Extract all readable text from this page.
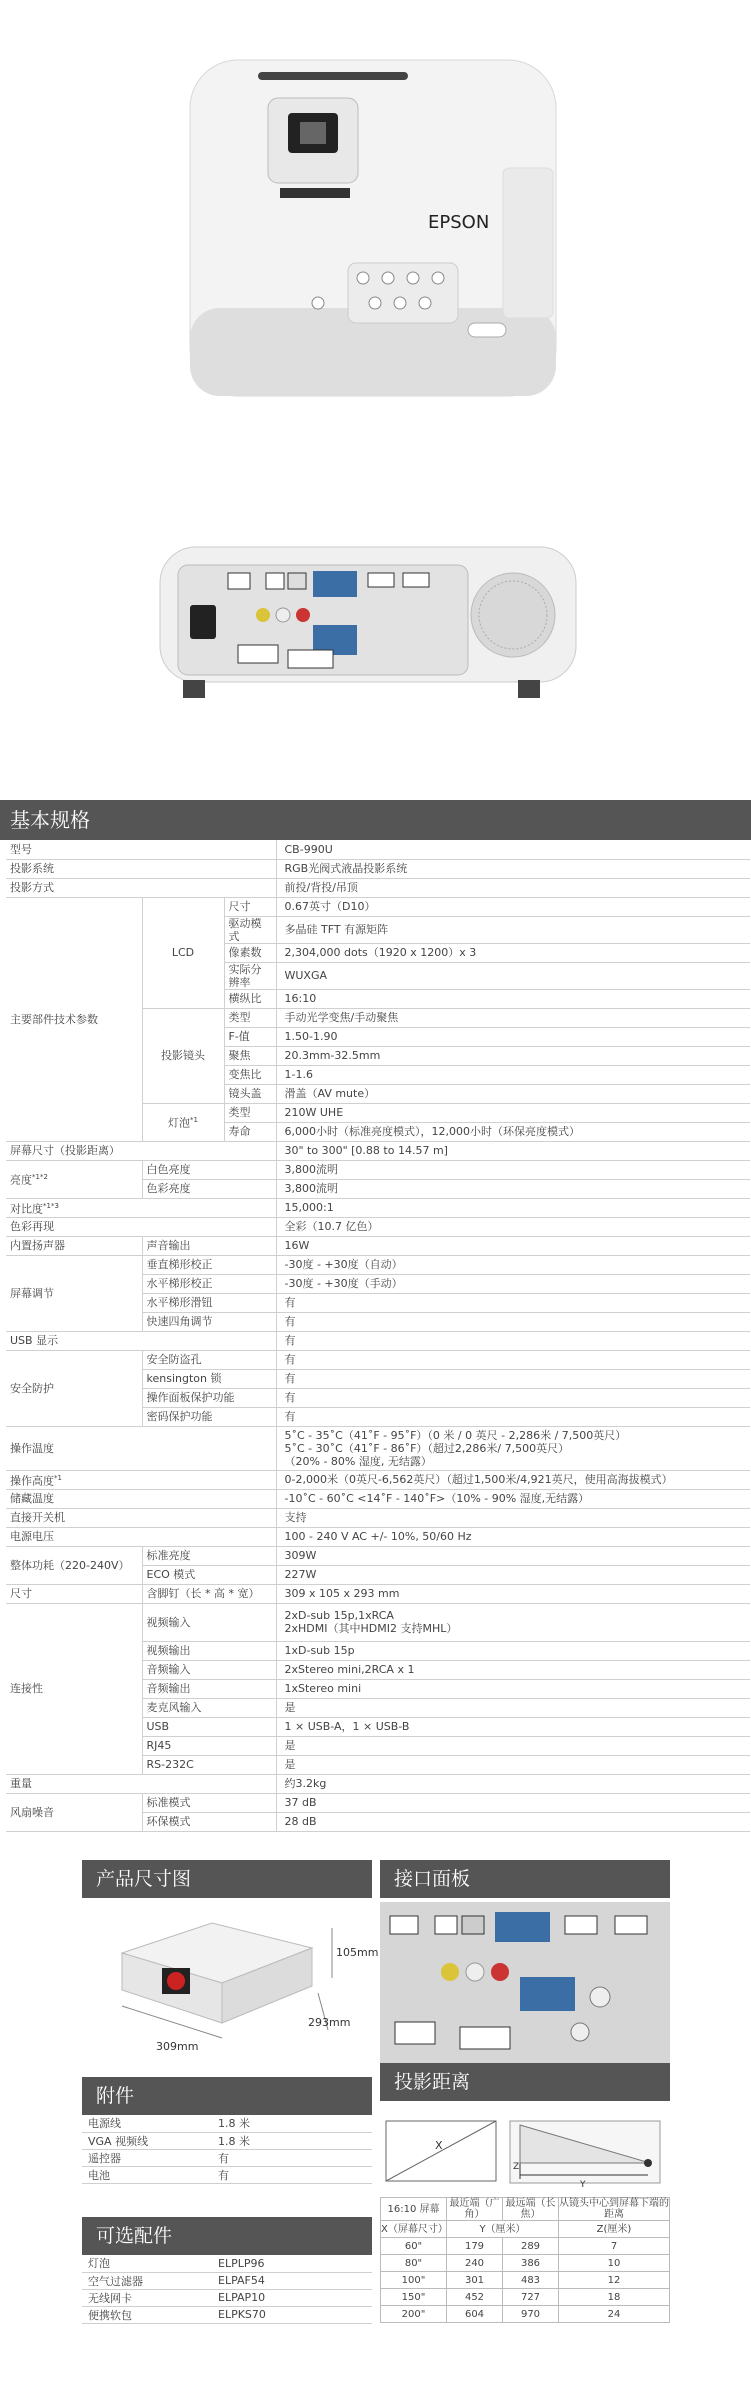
EPSON
基本规格
型号			CB-990U
投影系统			RGB光阀式液晶投影系统
投影方式			前投/背投/吊顶
主要部件技术参数	LCD	尺寸	0.67英寸（D10）
		驱动模式	多晶硅 TFT 有源矩阵
		像素数	2,304,000 dots（1920 x 1200）x 3
		实际分辨率	WUXGA
		横纵比	16:10
	投影镜头	类型	手动光学变焦/手动聚焦
		F-值	1.50-1.90
		聚焦	20.3mm-32.5mm
		变焦比	1-1.6
		镜头盖	滑盖（AV mute）
	灯泡$^{*1}$	类型	210W UHE
		寿命	6,000小时（标准亮度模式），12,000小时（环保亮度模式）
屏幕尺寸（投影距离）			30" to 300" [0.88 to 14.57 m]
亮度$^{*1*2}$	白色亮度		3,800流明
	色彩亮度		3,800流明
对比度$^{*1*3}$			15,000:1
色彩再现			全彩（10.7 亿色）
内置扬声器	声音输出		16W
屏幕调节	垂直梯形校正		-30度 - +30度（自动）
	水平梯形校正		-30度 - +30度（手动）
	水平梯形滑钮		有
	快速四角调节		有
USB 显示			有
安全防护	安全防盗孔		有
	kensington 锁		有
	操作面板保护功能		有
	密码保护功能		有
操作温度			5˚C - 35˚C（41˚F - 95˚F）（0 米 / 0 英尺 - 2,286米 / 7,500英尺）
5˚C - 30˚C（41˚F - 86˚F）（超过2,286米/ 7,500英尺）
（20% - 80% 湿度, 无结露）

操作高度$^{*1}$			0-2,000米（0英尺-6,562英尺）（超过1,500米/4,921英尺，使用高海拔模式）
储藏温度			-10˚C - 60˚C <14˚F - 140˚F>（10% - 90% 湿度,无结露）
直接开关机			支持
电源电压			100 - 240 V AC +/- 10%, 50/60 Hz
整体功耗（220-240V）	标准亮度		309W
	ECO 模式		227W
尺寸	含脚钉（长 * 高 * 宽）		309 x 105 x 293 mm
连接性	视频输入		2xD-sub 15p,1xRCA
2xHDMI（其中HDMI2 支持MHL）

	视频输出		1xD-sub 15p
	音频输入		2xStereo mini,2RCA x 1
	音频输出		1xStereo mini
	麦克风输入		是
	USB		1 × USB-A，1 × USB-B
	RJ45		是
	RS-232C		是
重量			约3.2kg
风扇噪音	标准模式		37 dB
	环保模式		28 dB
产品尺寸图
105mm
293mm
309mm
接口面板
附件
电源线	1.8 米
VGA 视频线	1.8 米
遥控器	有
电池	有
可选配件
灯泡	ELPLP96
空气过滤器	ELPAF54
无线网卡	ELPAP10
便携软包	ELPKS70
投影距离
X
Y
Z
16:10 屏幕	最近端（广角）	最远端（长焦）	从镜头中心到屏幕下端的距离
X（屏幕尺寸）	Y（厘米）		Z(厘米)
60"	179	289	7
80"	240	386	10
100"	301	483	12
150"	452	727	18
200"	604	970	24
